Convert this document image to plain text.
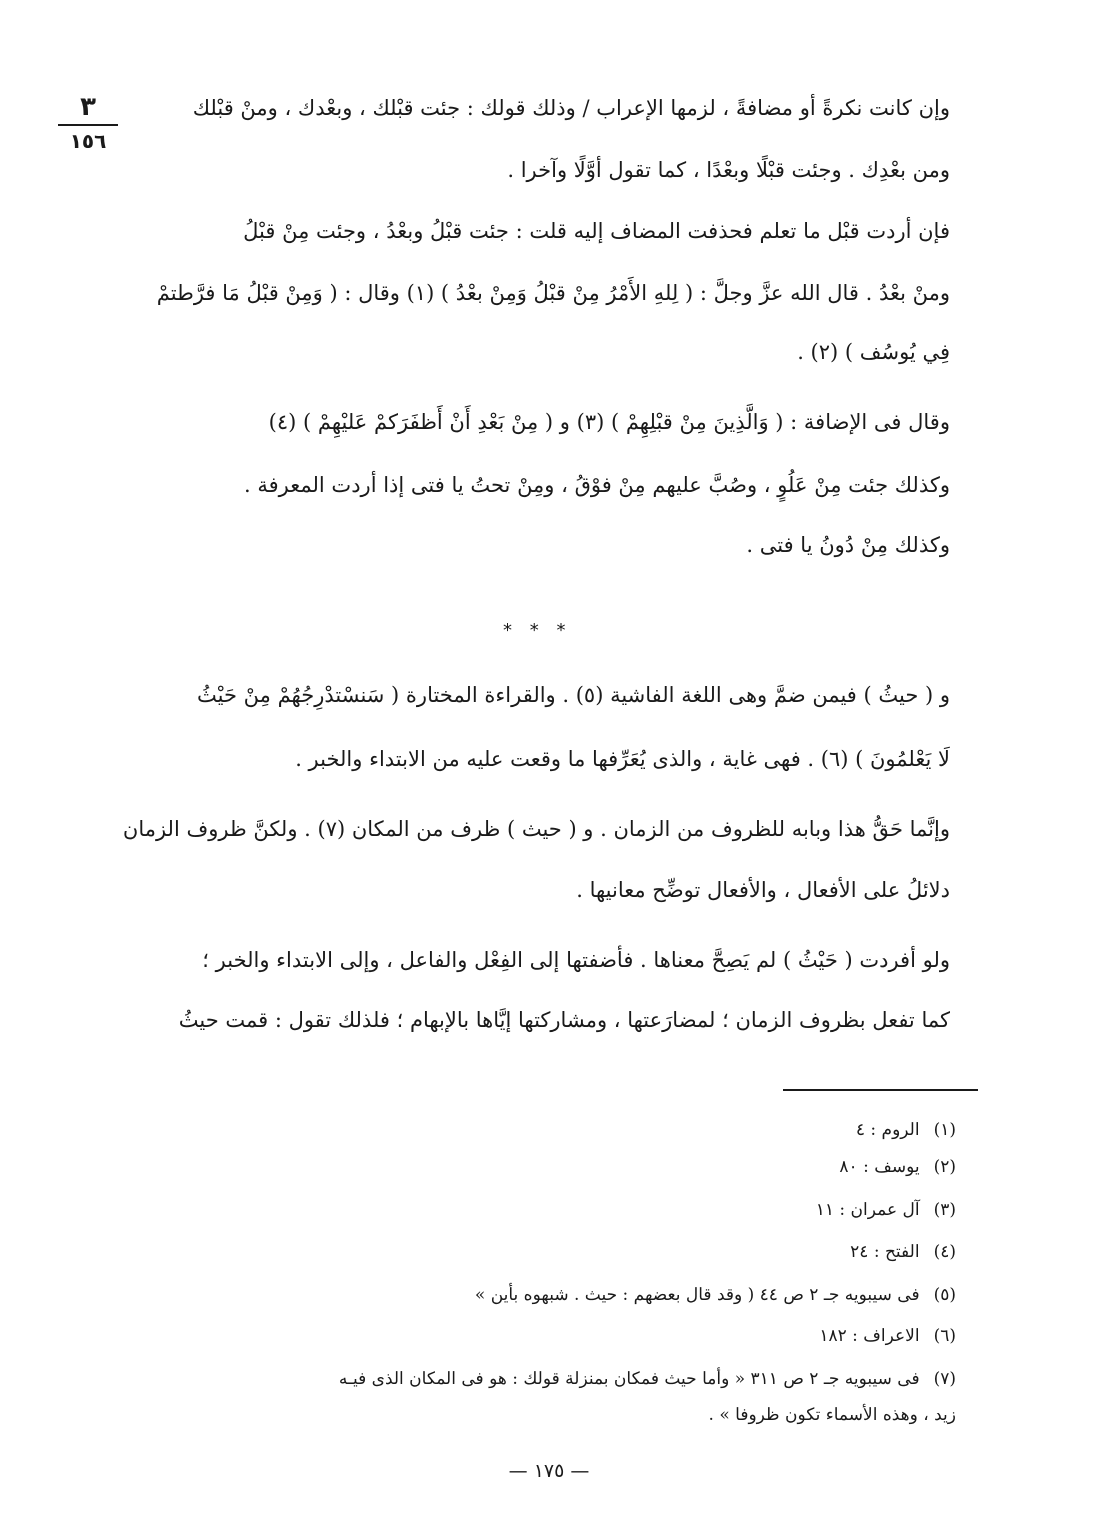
٣
١٥٦
وإن كانت نكرةً أو مضافةً ، لزمها الإعراب / وذلك قولك : جئت قبْلك ، وبعْدك ، ومنْ قبْلك
ومن بعْدِك . وجئت قبْلًا وبعْدًا ، كما تقول أوَّلًا وآخرا .
فإن أردت قبْل ما تعلم فحذفت المضاف إليه قلت : جئت قبْلُ وبعْدُ ، وجئت مِنْ قبْلُ
ومنْ بعْدُ . قال الله عزَّ وجلَّ : ( لِلهِ الأَمْرُ مِنْ قبْلُ وَمِنْ بعْدُ ) (١) وقال : ( وَمِنْ قبْلُ مَا فرَّطتمْ
فِي يُوسُف ) (٢) .
وقال فى الإضافة : ( وَالَّذِينَ مِنْ قبْلِهِمْ ) (٣) و ( مِنْ بَعْدِ أَنْ أَظفَرَكمْ عَليْهِمْ ) (٤)
وكذلك جئت مِنْ عَلُوٍ ، وصُبَّ عليهم مِنْ فوْقُ ، ومِنْ تحتُ يا فتى إذا أردت المعرفة .
وكذلك مِنْ دُونُ يا فتى .
* * *
و ( حيثُ ) فيمن ضمَّ وهى اللغة الفاشية (٥) . والقراءة المختارة ( سَنسْتدْرِجُهُمْ مِنْ حَيْثُ
لَا يَعْلمُونَ ) (٦) . فهى غاية ، والذى يُعَرِّفها ما وقعت عليه من الابتداء والخبر .
وإنَّما حَقُّ هذا وبابه للظروف من الزمان . و ( حيث ) ظرف من المكان (٧) . ولكنَّ ظروف الزمان
دلائلُ على الأفعال ، والأفعال توضِّح معانيها .
ولو أفردت ( حَيْثُ ) لم يَصِحَّ معناها . فأضفتها إلى الفِعْل والفاعل ، وإلى الابتداء والخبر ؛
كما تفعل بظروف الزمان ؛ لمضارَعتها ، ومشاركتها إيَّاها بالإبهام ؛ فلذلك تقول : قمت حيثُ
(١)الروم : ٤
(٢)يوسف : ٨٠
(٣)آل عمران : ١١
(٤)الفتح : ٢٤
(٥)فى سيبويه جـ ٢ ص ٤٤ ( وقد قال بعضهم : حيث . شبهوه بأين »
(٦)الاعراف : ١٨٢
(٧)فى سيبويه جـ ٢ ص ٣١١ « وأما حيث فمكان بمنزلة قولك : هو فى المكان الذى فيـه
زيد ، وهذه الأسماء تكون ظروفا » .
— ١٧٥ —
